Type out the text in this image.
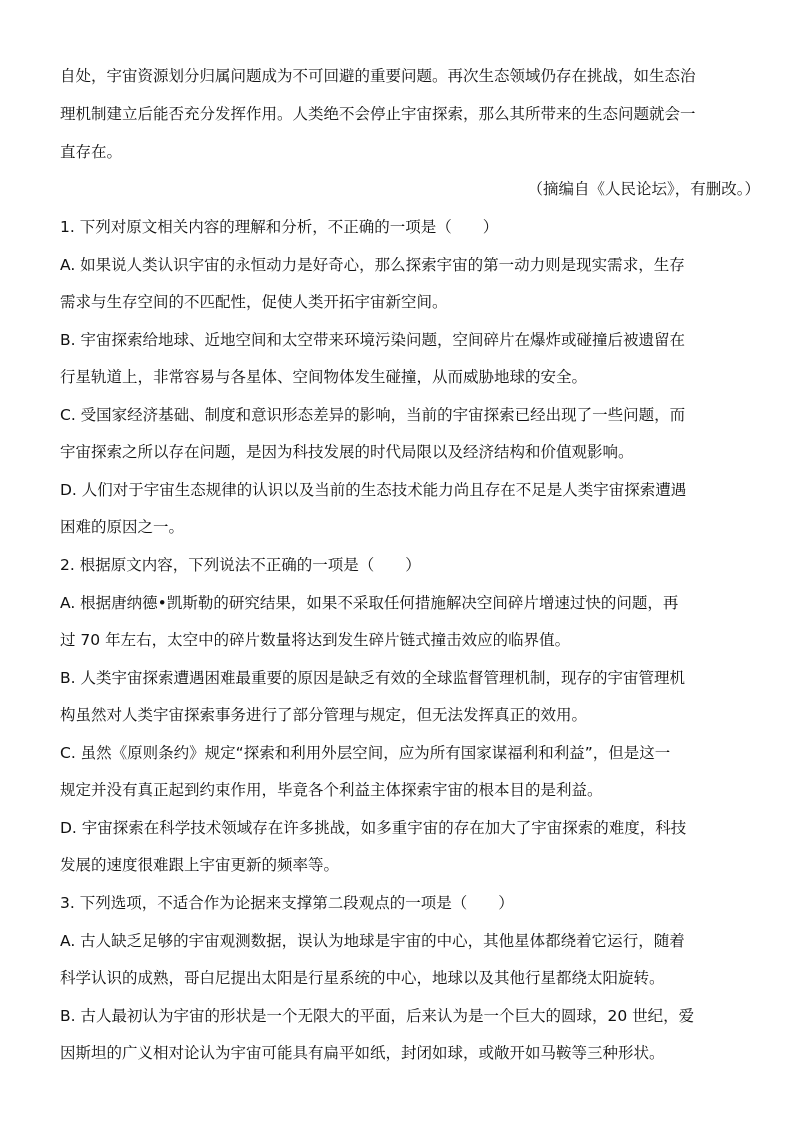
自处，宇宙资源划分归属问题成为不可回避的重要问题。再次生态领域仍存在挑战，如生态治
理机制建立后能否充分发挥作用。人类绝不会停止宇宙探索，那么其所带来的生态问题就会一
直存在。
（摘编自《人民论坛》，有删改。）
1. 下列对原文相关内容的理解和分析，不正确的一项是（　　）
A. 如果说人类认识宇宙的永恒动力是好奇心，那么探索宇宙的第一动力则是现实需求，生存
需求与生存空间的不匹配性，促使人类开拓宇宙新空间。
B. 宇宙探索给地球、近地空间和太空带来环境污染问题，空间碎片在爆炸或碰撞后被遗留在
行星轨道上，非常容易与各星体、空间物体发生碰撞，从而威胁地球的安全。
C. 受国家经济基础、制度和意识形态差异的影响，当前的宇宙探索已经出现了一些问题，而
宇宙探索之所以存在问题，是因为科技发展的时代局限以及经济结构和价值观影响。
D. 人们对于宇宙生态规律的认识以及当前的生态技术能力尚且存在不足是人类宇宙探索遭遇
困难的原因之一。
2. 根据原文内容，下列说法不正确的一项是（　　）
A. 根据唐纳德•凯斯勒的研究结果，如果不采取任何措施解决空间碎片增速过快的问题，再
过 70 年左右，太空中的碎片数量将达到发生碎片链式撞击效应的临界值。
B. 人类宇宙探索遭遇困难最重要的原因是缺乏有效的全球监督管理机制，现存的宇宙管理机
构虽然对人类宇宙探索事务进行了部分管理与规定，但无法发挥真正的效用。
C. 虽然《原则条约》规定“探索和利用外层空间，应为所有国家谋福利和利益”，但是这一
规定并没有真正起到约束作用，毕竟各个利益主体探索宇宙的根本目的是利益。
D. 宇宙探索在科学技术领域存在许多挑战，如多重宇宙的存在加大了宇宙探索的难度，科技
发展的速度很难跟上宇宙更新的频率等。
3. 下列选项，不适合作为论据来支撑第二段观点的一项是（　　）
A. 古人缺乏足够的宇宙观测数据，误认为地球是宇宙的中心，其他星体都绕着它运行，随着
科学认识的成熟，哥白尼提出太阳是行星系统的中心，地球以及其他行星都绕太阳旋转。
B. 古人最初认为宇宙的形状是一个无限大的平面，后来认为是一个巨大的圆球，20 世纪，爱
因斯坦的广义相对论认为宇宙可能具有扁平如纸，封闭如球，或敞开如马鞍等三种形状。
